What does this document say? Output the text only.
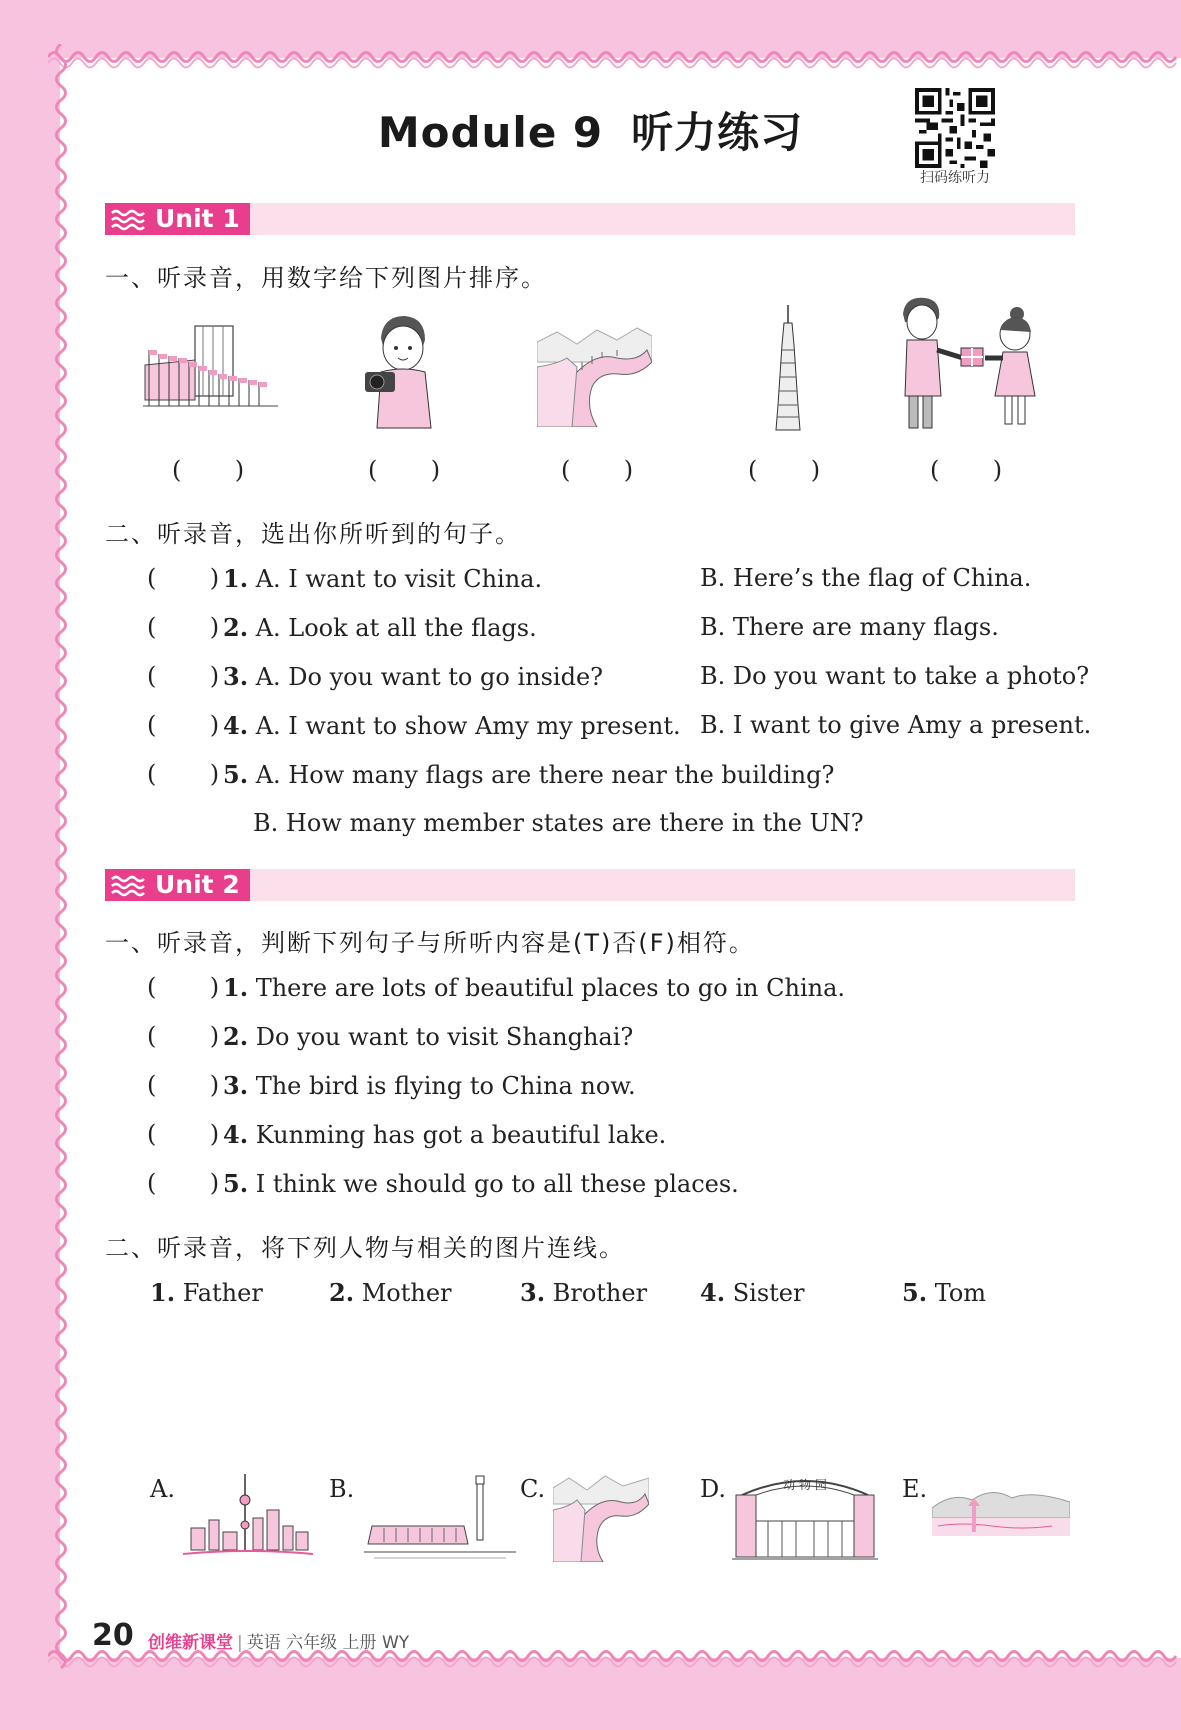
Module 9 听力练习
扫码练听力
Unit 1
一、听录音，用数字给下列图片排序。
(       )	(       )	(       )	(       )	(       )
二、听录音，选出你所听到的句子。
(       ) 1. A. I want to visit China.	B. Here’s the flag of China.
(       ) 2. A. Look at all the flags.	B. There are many flags.
(       ) 3. A. Do you want to go inside?	B. Do you want to take a photo?
(       ) 4. A. I want to show Amy my present. B. I want to give Amy a present.
(       ) 5. A. How many flags are there near the building?
B. How many member states are there in the UN?
Unit 2
一、听录音，判断下列句子与所听内容是(T)否(F)相符。
(       ) 1. There are lots of beautiful places to go in China.
(       ) 2. Do you want to visit Shanghai?
(       ) 3. The bird is flying to China now.
(       ) 4. Kunming has got a beautiful lake.
(       ) 5. I think we should go to all these places.
二、听录音，将下列人物与相关的图片连线。
1. Father	2. Mother	3. Brother 4. Sister	5. Tom
A.	B.	C.	D.	动 物 园	E.
20 创维新课堂 | 英语 六年级 上册 WY
